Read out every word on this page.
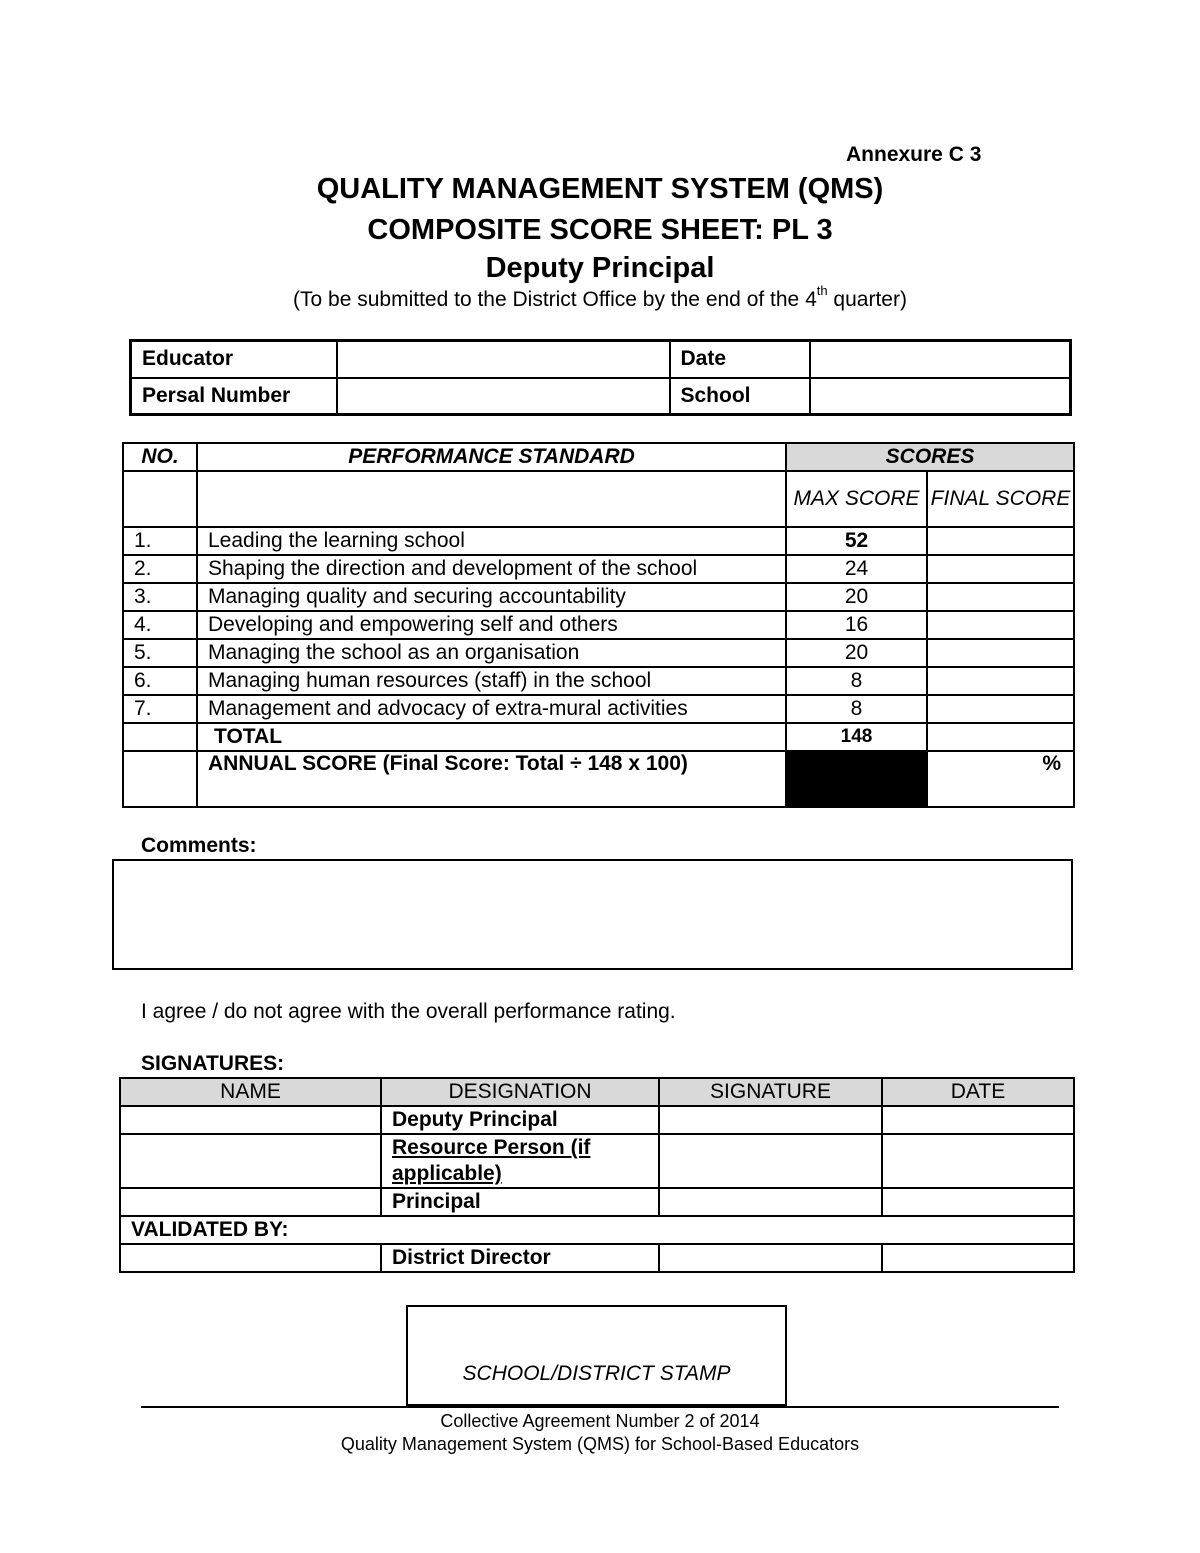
Annexure C 3
QUALITY MANAGEMENT SYSTEM (QMS)
COMPOSITE SCORE SHEET: PL 3
Deputy Principal
(To be submitted to the District Office by the end of the 4th quarter)
Educator		Date	
Persal Number		School	
NO.	PERFORMANCE STANDARD	SCORES	
		MAX SCORE	FINAL SCORE
1.	Leading the learning school	52	
2.	Shaping the direction and development of the school	24	
3.	Managing quality and securing accountability	20	
4.	Developing and empowering self and others	16	
5.	Managing the school as an organisation	20	
6.	Managing human resources (staff) in the school	8	
7.	Management and advocacy of extra-mural activities	8	
	TOTAL	148	
	ANNUAL SCORE (Final Score: Total ÷ 148 x 100)		%
Comments:
I agree / do not agree with the overall performance rating.
SIGNATURES:
NAME	DESIGNATION	SIGNATURE	DATE
	Deputy Principal		
	Resource Person (if applicable)		
	Principal		
VALIDATED BY:			
	District Director		
SCHOOL/DISTRICT STAMP
Collective Agreement Number 2 of 2014
Quality Management System (QMS) for School-Based Educators
